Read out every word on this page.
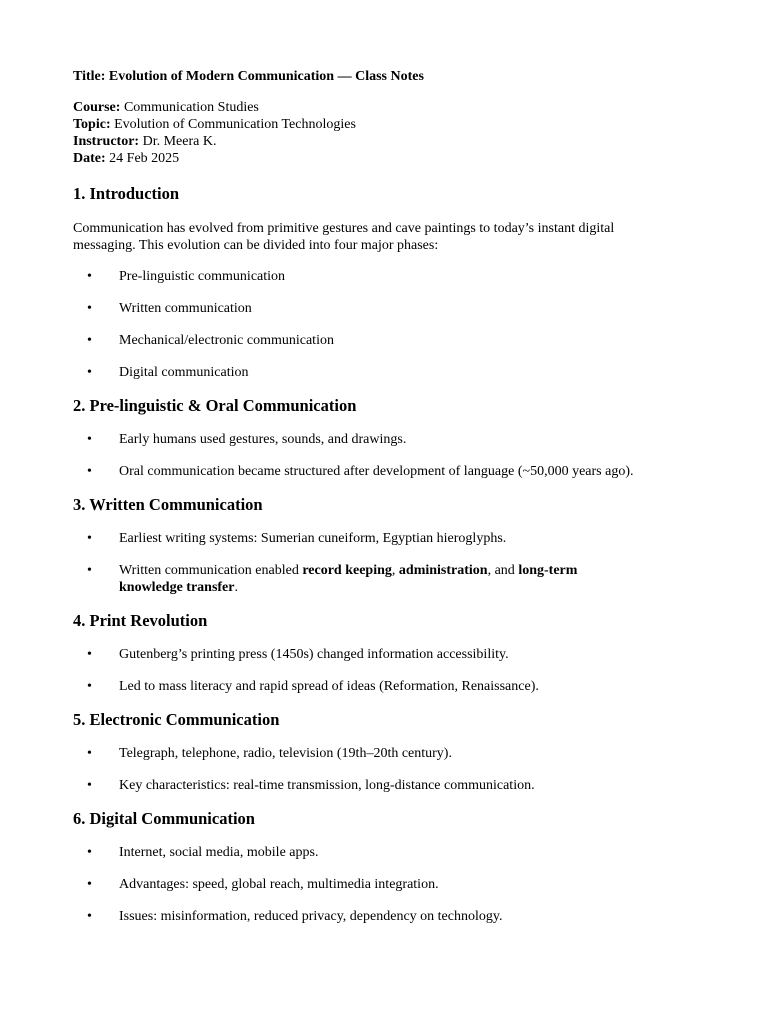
Title: Evolution of Modern Communication — Class Notes
Course: Communication Studies
Topic: Evolution of Communication Technologies
Instructor: Dr. Meera K.
Date: 24 Feb 2025
1. Introduction

Communication has evolved from primitive gestures and cave paintings to today’s instant digital

messaging. This evolution can be divided into four major phases:

• Pre-linguistic communication
• Written communication
• Mechanical/electronic communication
• Digital communication
2. Pre-linguistic & Oral Communication
• Early humans used gestures, sounds, and drawings.
• Oral communication became structured after development of language (~50,000 years ago).
3. Written Communication
• Earliest writing systems: Sumerian cuneiform, Egyptian hieroglyphs.
• Written communication enabled record keeping, administration, and long-term
knowledge transfer.
4. Print Revolution
• Gutenberg’s printing press (1450s) changed information accessibility.
• Led to mass literacy and rapid spread of ideas (Reformation, Renaissance).
5. Electronic Communication
• Telegraph, telephone, radio, television (19th–20th century).
• Key characteristics: real-time transmission, long-distance communication.
6. Digital Communication
• Internet, social media, mobile apps.
• Advantages: speed, global reach, multimedia integration.
• Issues: misinformation, reduced privacy, dependency on technology.
